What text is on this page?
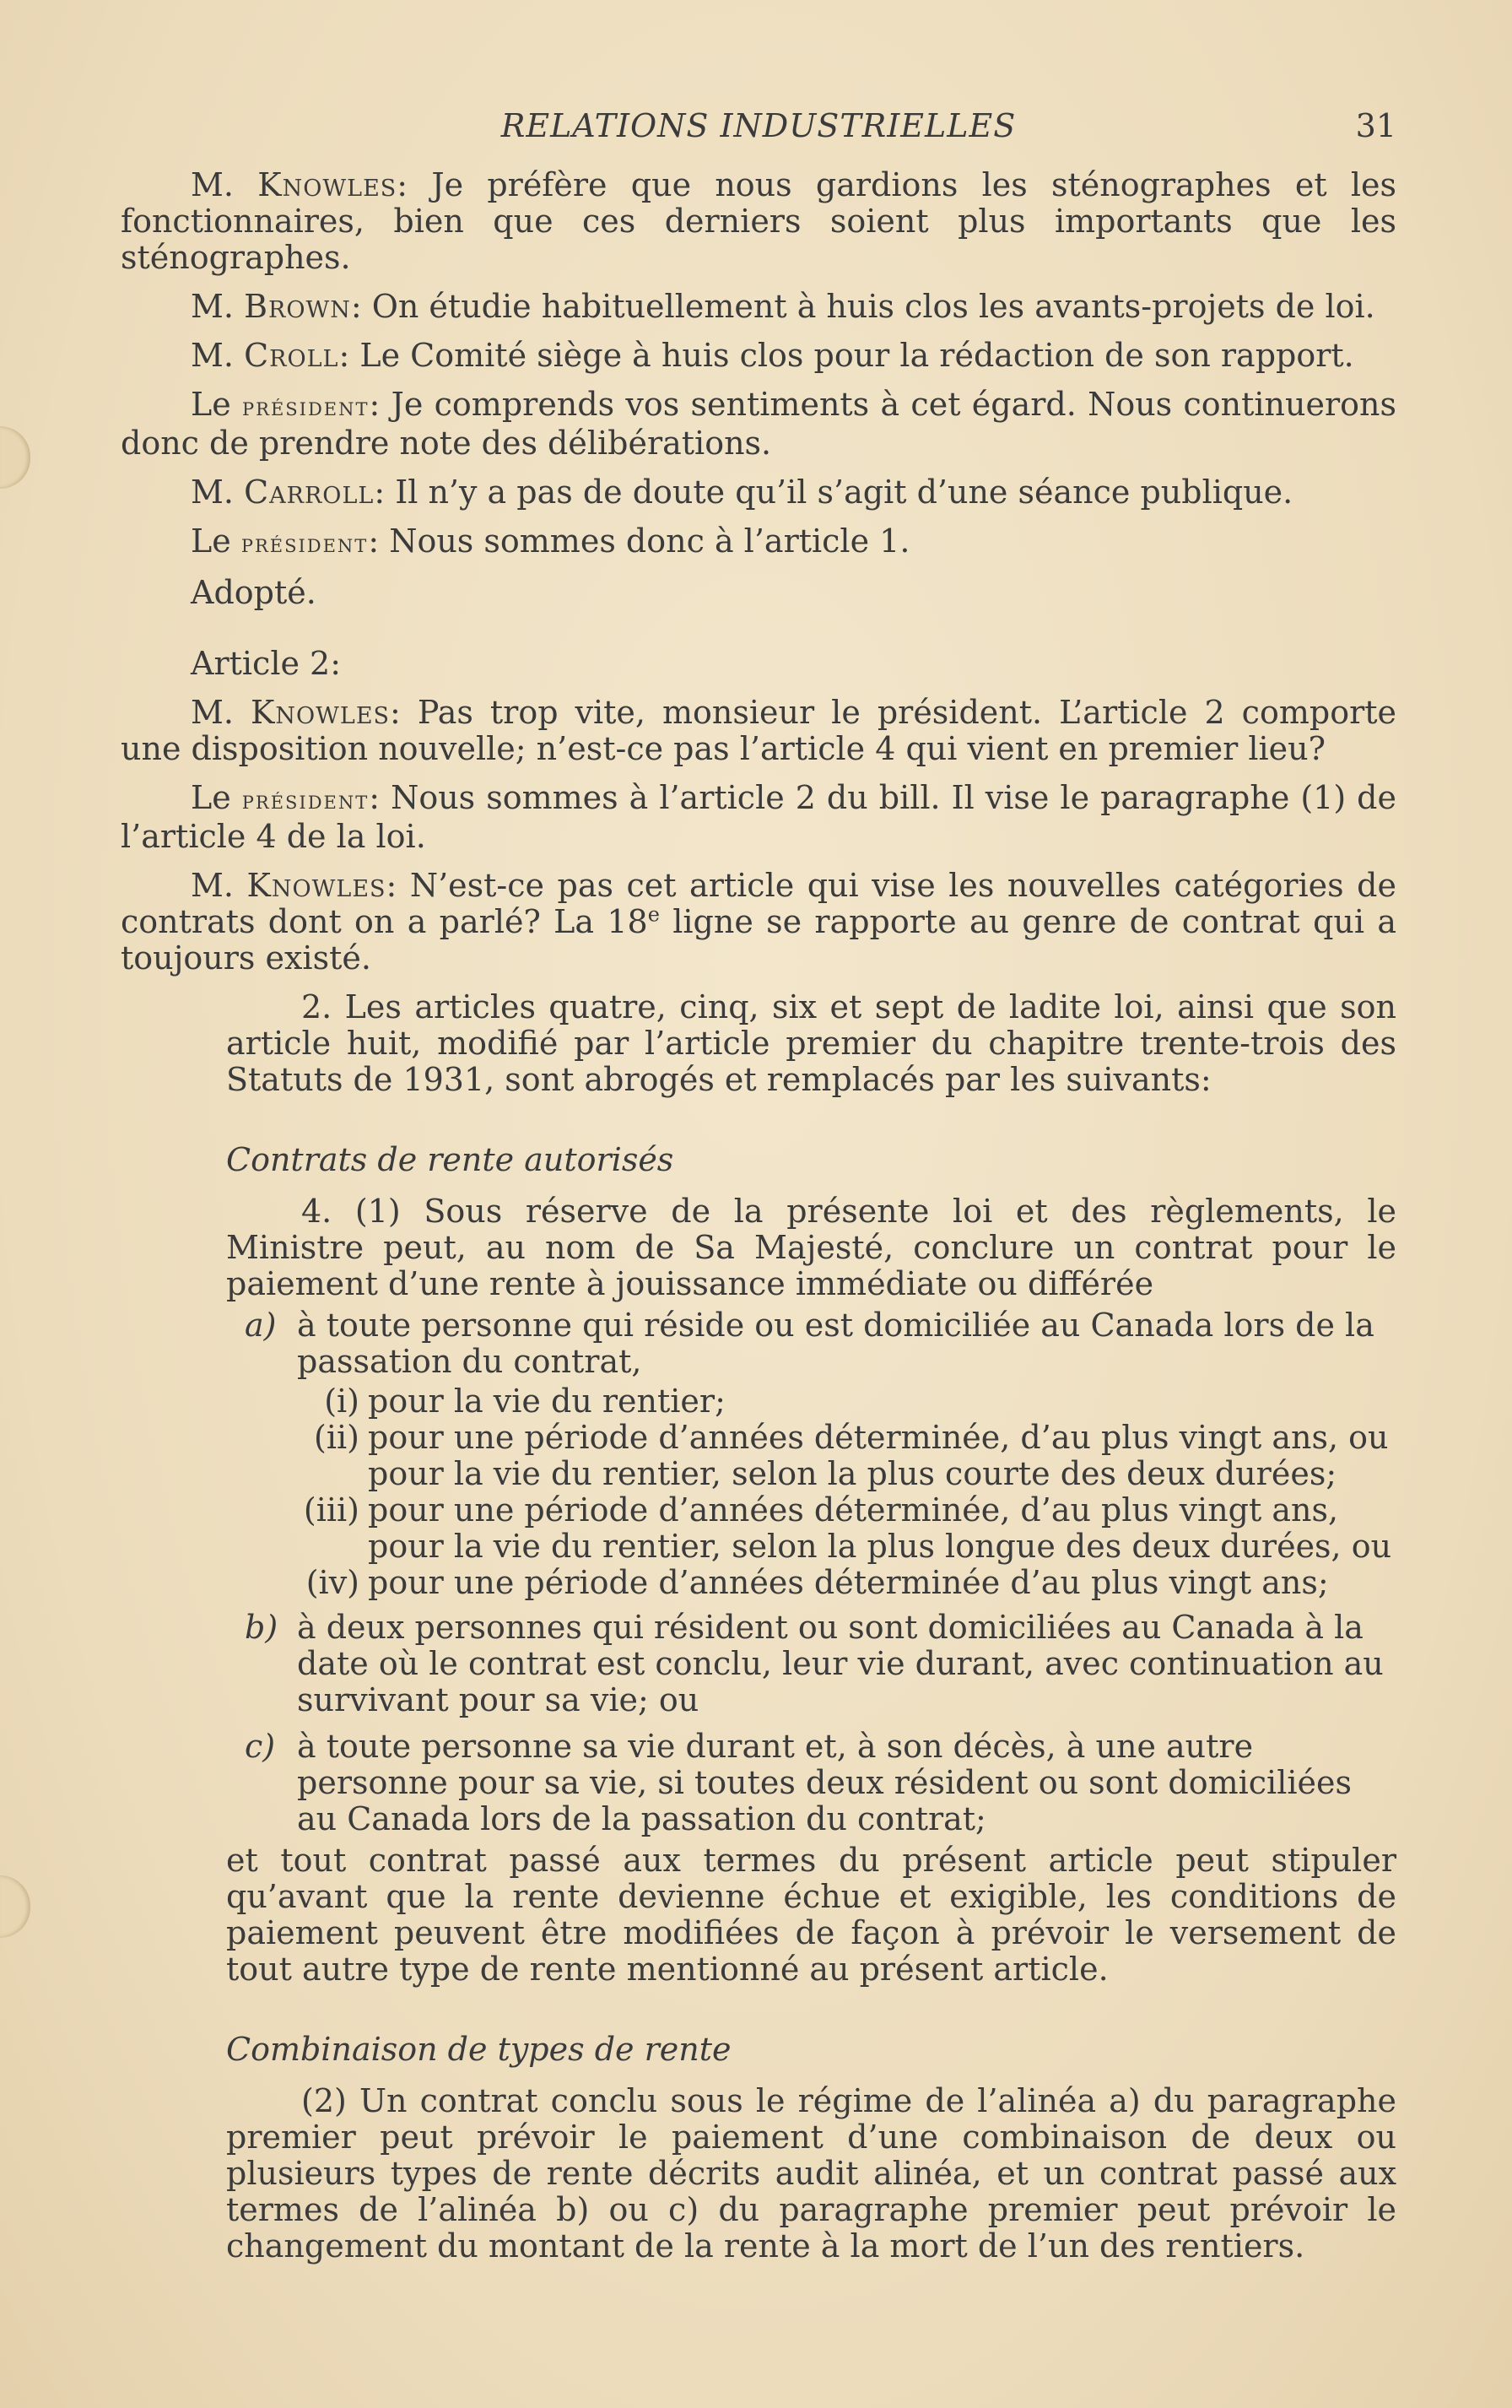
RELATIONS INDUSTRIELLES	31

M. Knowles: Je préfère que nous gardions les sténographes et les fonctionnaires, bien que ces derniers soient plus importants que les sténographes.

M. Brown: On étudie habituellement à huis clos les avants-projets de loi.

M. Croll: Le Comité siège à huis clos pour la rédaction de son rapport.

Le président: Je comprends vos sentiments à cet égard. Nous continuerons donc de prendre note des délibérations.

M. Carroll: Il n’y a pas de doute qu’il s’agit d’une séance publique.

Le président: Nous sommes donc à l’article 1.

Adopté.

Article 2:

M. Knowles: Pas trop vite, monsieur le président. L’article 2 comporte une disposition nouvelle; n’est-ce pas l’article 4 qui vient en premier lieu?

Le président: Nous sommes à l’article 2 du bill. Il vise le paragraphe (1) de l’article 4 de la loi.

M. Knowles: N’est-ce pas cet article qui vise les nouvelles catégories de contrats dont on a parlé? La 18e ligne se rapporte au genre de contrat qui a toujours existé.

2. Les articles quatre, cinq, six et sept de ladite loi, ainsi que son article huit, modifié par l’article premier du chapitre trente-trois des Statuts de 1931, sont abrogés et remplacés par les suivants:

Contrats de rente autorisés

4. (1) Sous réserve de la présente loi et des règlements, le Ministre peut, au nom de Sa Majesté, conclure un contrat pour le paiement d’une rente à jouissance immédiate ou différée

a) à toute personne qui réside ou est domiciliée au Canada lors de la passation du contrat,
(i) pour la vie du rentier;
(ii) pour une période d’années déterminée, d’au plus vingt ans, ou pour la vie du rentier, selon la plus courte des deux durées;
(iii) pour une période d’années déterminée, d’au plus vingt ans, pour la vie du rentier, selon la plus longue des deux durées, ou
(iv) pour une période d’années déterminée d’au plus vingt ans;
b) à deux personnes qui résident ou sont domiciliées au Canada à la date où le contrat est conclu, leur vie durant, avec continuation au survivant pour sa vie; ou
c) à toute personne sa vie durant et, à son décès, à une autre personne pour sa vie, si toutes deux résident ou sont domiciliées au Canada lors de la passation du contrat;

et tout contrat passé aux termes du présent article peut stipuler qu’avant que la rente devienne échue et exigible, les conditions de paiement peuvent être modifiées de façon à prévoir le versement de tout autre type de rente mentionné au présent article.

Combinaison de types de rente

(2) Un contrat conclu sous le régime de l’alinéa a) du paragraphe premier peut prévoir le paiement d’une combinaison de deux ou plusieurs types de rente décrits audit alinéa, et un contrat passé aux termes de l’alinéa b) ou c) du paragraphe premier peut prévoir le changement du montant de la rente à la mort de l’un des rentiers.
